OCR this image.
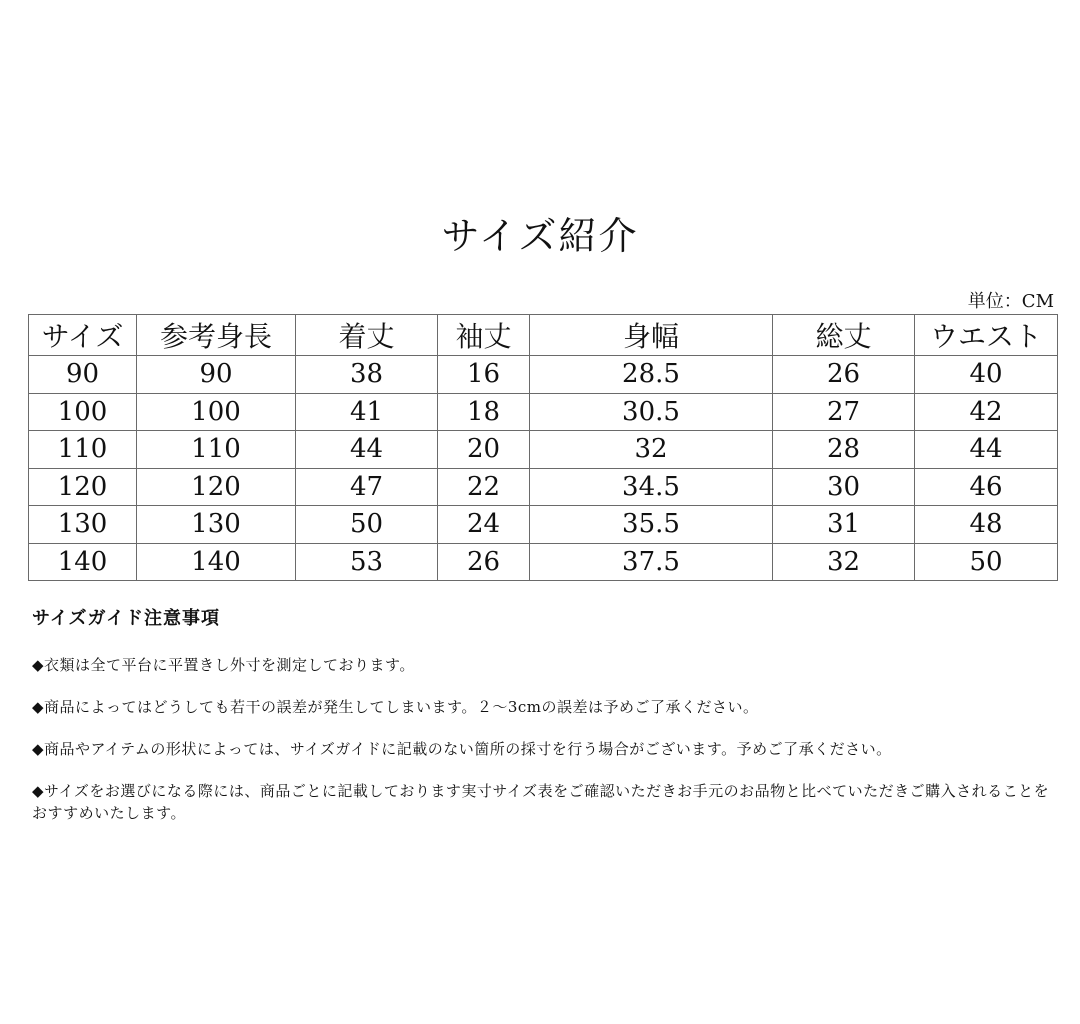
サイズ紹介
単位：CM
サイズ	参考身長	着丈	袖丈	身幅	総丈	ウエスト
90	90	38	16	28.5	26	40
100	100	41	18	30.5	27	42
110	110	44	20	32	28	44
120	120	47	22	34.5	30	46
130	130	50	24	35.5	31	48
140	140	53	26	37.5	32	50
サイズガイド注意事項
◆衣類は全て平台に平置きし外寸を測定しております。
◆商品によってはどうしても若干の誤差が発生してしまいます。２～3cmの誤差は予めご了承ください。
◆商品やアイテムの形状によっては、サイズガイドに記載のない箇所の採寸を行う場合がございます。予めご了承ください。
◆サイズをお選びになる際には、商品ごとに記載しております実寸サイズ表をご確認いただきお手元のお品物と比べていただきご購入されることをおすすめいたします。
